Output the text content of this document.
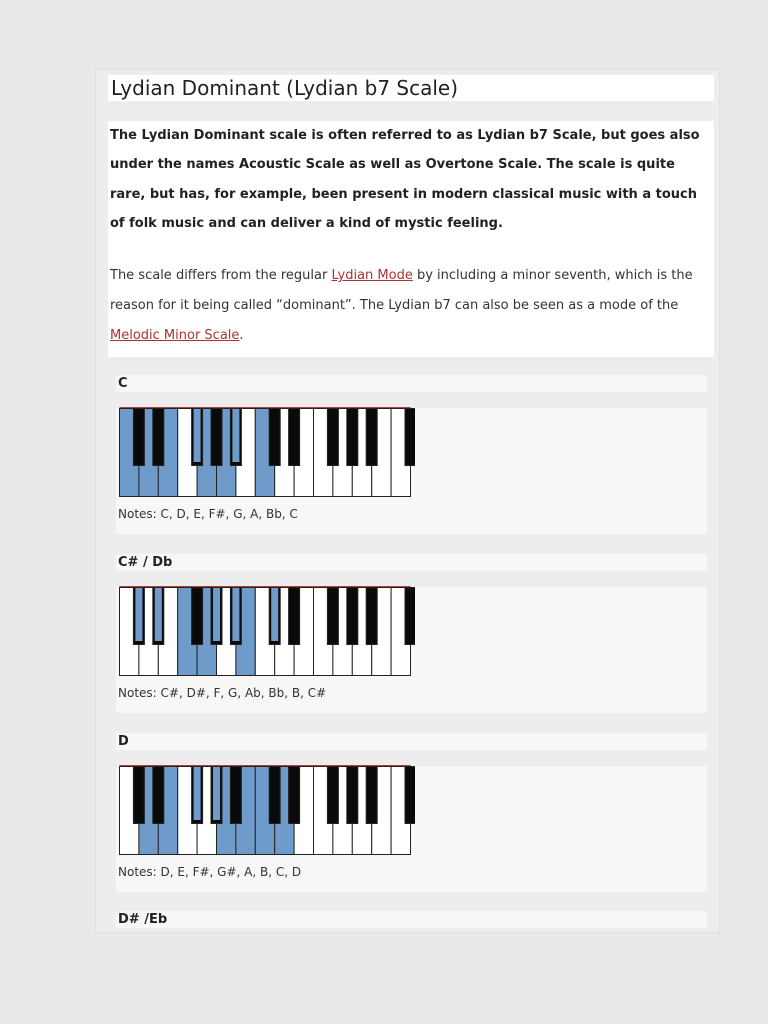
Lydian Dominant (Lydian b7 Scale)

The Lydian Dominant scale is often referred to as Lydian b7 Scale, but goes also under the names Acoustic Scale as well as Overtone Scale. The scale is quite rare, but has, for example, been present in modern classical music with a touch of folk music and can deliver a kind of mystic feeling.

The scale differs from the regular Lydian Mode by including a minor seventh, which is the reason for it being called “dominant”. The Lydian b7 can also be seen as a mode of the Melodic Minor Scale.

C
Notes: C, D, E, F#, G, A, Bb, C
C# / Db
Notes: C#, D#, F, G, Ab, Bb, B, C#
D
Notes: D, E, F#, G#, A, B, C, D
D# /Eb
